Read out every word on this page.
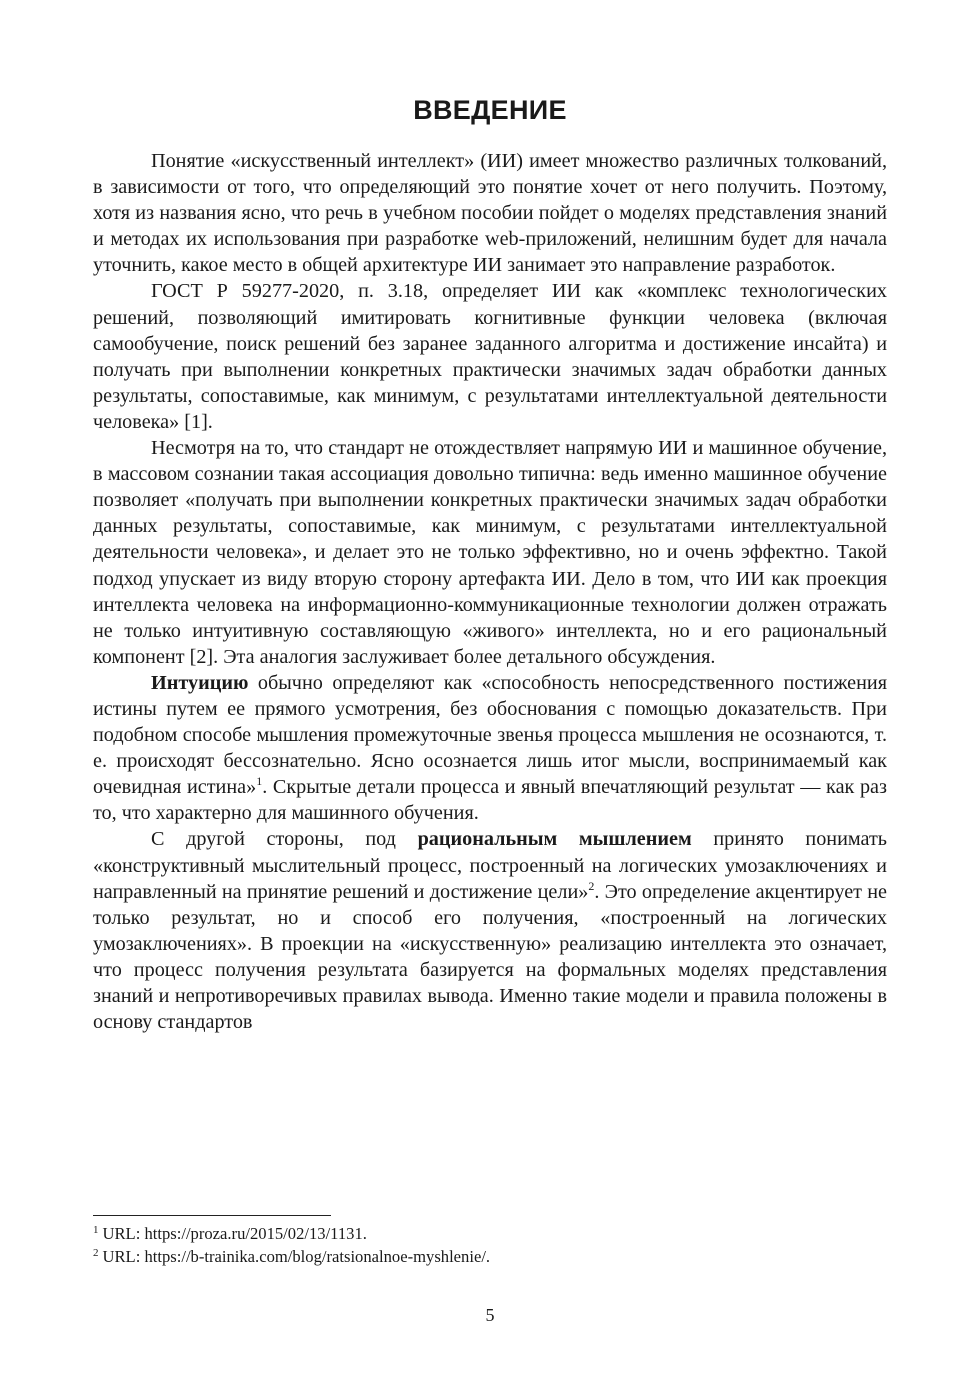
ВВЕДЕНИЕ

Понятие «искусственный интеллект» (ИИ) имеет множество различных толкований, в зависимости от того, что определяющий это понятие хочет от него получить. Поэтому, хотя из названия ясно, что речь в учебном пособии пойдет о моделях представления знаний и методах их использования при разработке web-приложений, нелишним будет для начала уточнить, какое место в общей архитектуре ИИ занимает это направление разработок.

ГОСТ Р 59277-2020, п. 3.18, определяет ИИ как «комплекс технологических решений, позволяющий имитировать когнитивные функции человека (включая самообучение, поиск решений без заранее заданного алгоритма и достижение инсайта) и получать при выполнении конкретных практически значимых задач обработки данных результаты, сопоставимые, как минимум, с результатами интеллектуальной деятельности человека» [1].

Несмотря на то, что стандарт не отождествляет напрямую ИИ и машинное обучение, в массовом сознании такая ассоциация довольно типична: ведь именно машинное обучение позволяет «получать при выполнении конкретных практически значимых задач обработки данных результаты, сопоставимые, как минимум, с результатами интеллектуальной деятельности человека», и делает это не только эффективно, но и очень эффектно. Такой подход упускает из виду вторую сторону артефакта ИИ. Дело в том, что ИИ как проекция интеллекта человека на информационно-коммуникационные технологии должен отражать не только интуитивную составляющую «живого» интеллекта, но и его рациональный компонент [2]. Эта аналогия заслуживает более детального обсуждения.

Интуицию обычно определяют как «способность непосредственного постижения истины путем ее прямого усмотрения, без обоснования с помощью доказательств. При подобном способе мышления промежуточные звенья процесса мышления не осознаются, т. е. происходят бессознательно. Ясно осознается лишь итог мысли, воспринимаемый как очевидная истина»$^1$. Скрытые детали процесса и явный впечатляющий результат — как раз то, что характерно для машинного обучения.

С другой стороны, под рациональным мышлением принято понимать «конструктивный мыслительный процесс, построенный на логических умозаключениях и направленный на принятие решений и достижение цели»$^2$. Это определение акцентирует не только результат, но и способ его получения, «построенный на логических умозаключениях». В проекции на «искусственную» реализацию интеллекта это означает, что процесс получения результата базируется на формальных моделях представления знаний и непротиворечивых правилах вывода. Именно такие модели и правила положены в основу стандартов

$^1$ URL: https://proza.ru/2015/02/13/1131.

$^2$ URL: https://b-trainika.com/blog/ratsionalnoe-myshlenie/.

5
